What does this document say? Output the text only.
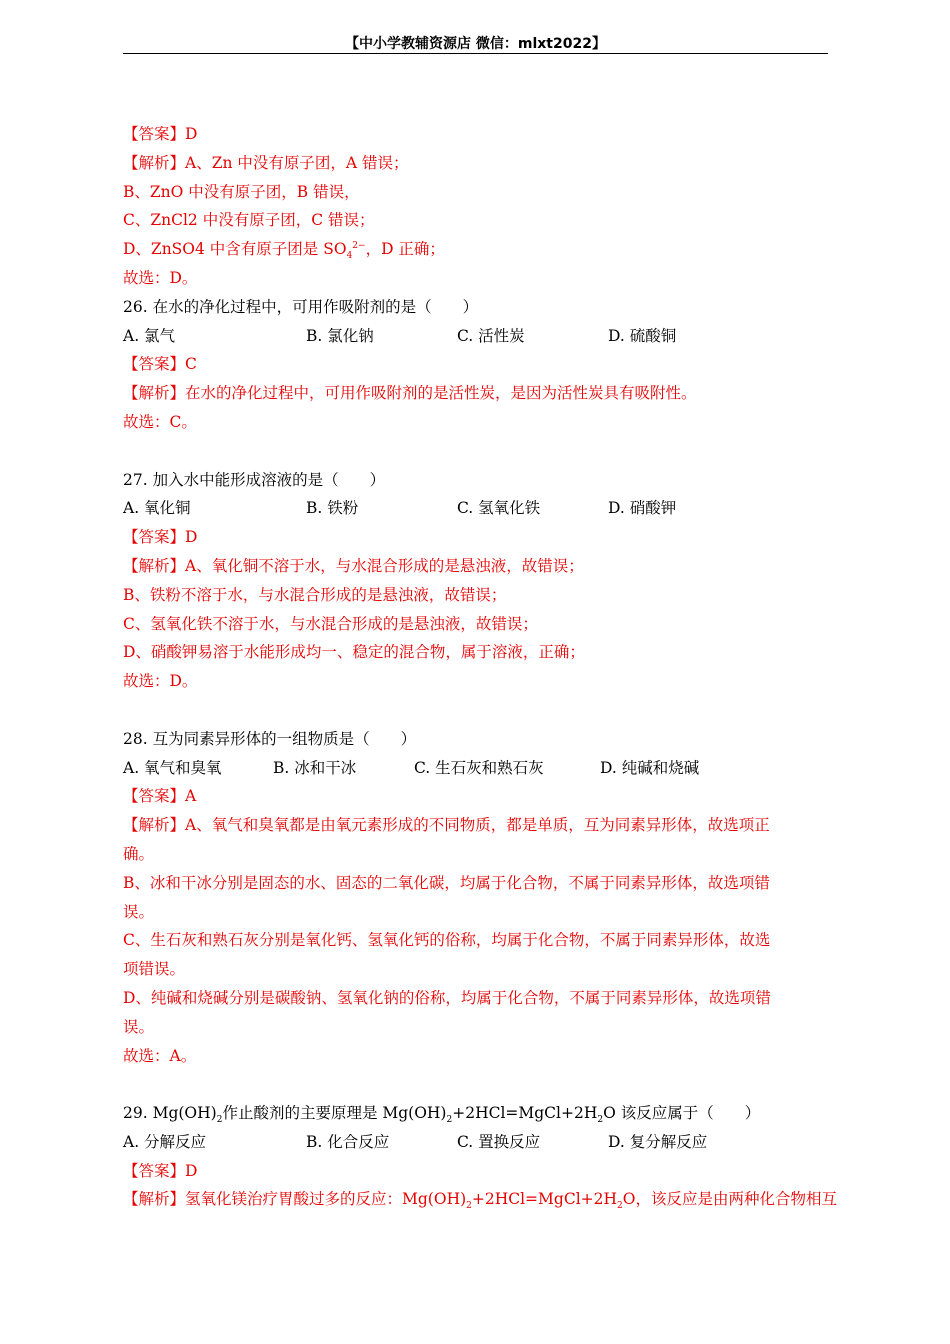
【中小学教辅资源店 微信：mlxt2022】
【答案】D
【解析】A、Zn 中没有原子团，A 错误；
B、ZnO 中没有原子团，B 错误，
C、ZnCl2 中没有原子团，C 错误；
D、ZnSO4 中含有原子团是 $SO_4^{2-}$，D 正确；
故选：D。
26. 在水的净化过程中，可用作吸附剂的是（　　）
A. 氯气	B. 氯化钠	C. 活性炭	D. 硫酸铜
【答案】C
【解析】在水的净化过程中，可用作吸附剂的是活性炭，是因为活性炭具有吸附性。
故选：C。
27. 加入水中能形成溶液的是（　　）
A. 氧化铜	B. 铁粉	C. 氢氧化铁	D. 硝酸钾
【答案】D
【解析】A、氧化铜不溶于水，与水混合形成的是悬浊液，故错误；
B、铁粉不溶于水，与水混合形成的是悬浊液，故错误；
C、氢氧化铁不溶于水，与水混合形成的是悬浊液，故错误；
D、硝酸钾易溶于水能形成均一、稳定的混合物，属于溶液，正确；
故选：D。
28. 互为同素异形体的一组物质是（　　）
A. 氧气和臭氧	B. 冰和干冰	C. 生石灰和熟石灰	D. 纯碱和烧碱
【答案】A
【解析】A、氧气和臭氧都是由氧元素形成的不同物质，都是单质，互为同素异形体，故选项正
确。
B、冰和干冰分别是固态的水、固态的二氧化碳，均属于化合物，不属于同素异形体，故选项错
误。
C、生石灰和熟石灰分别是氧化钙、氢氧化钙的俗称，均属于化合物，不属于同素异形体，故选
项错误。
D、纯碱和烧碱分别是碳酸钠、氢氧化钠的俗称，均属于化合物，不属于同素异形体，故选项错
误。
故选：A。
29. $Mg(OH)_2$作止酸剂的主要原理是 $Mg(OH)_2+2HCl=MgCl+2H_2O$ 该反应属于（　　）
A. 分解反应	B. 化合反应	C. 置换反应	D. 复分解反应
【答案】D
【解析】氢氧化镁治疗胃酸过多的反应：$Mg(OH)_2+2HCl=MgCl+2H_2O$，该反应是由两种化合物相互
